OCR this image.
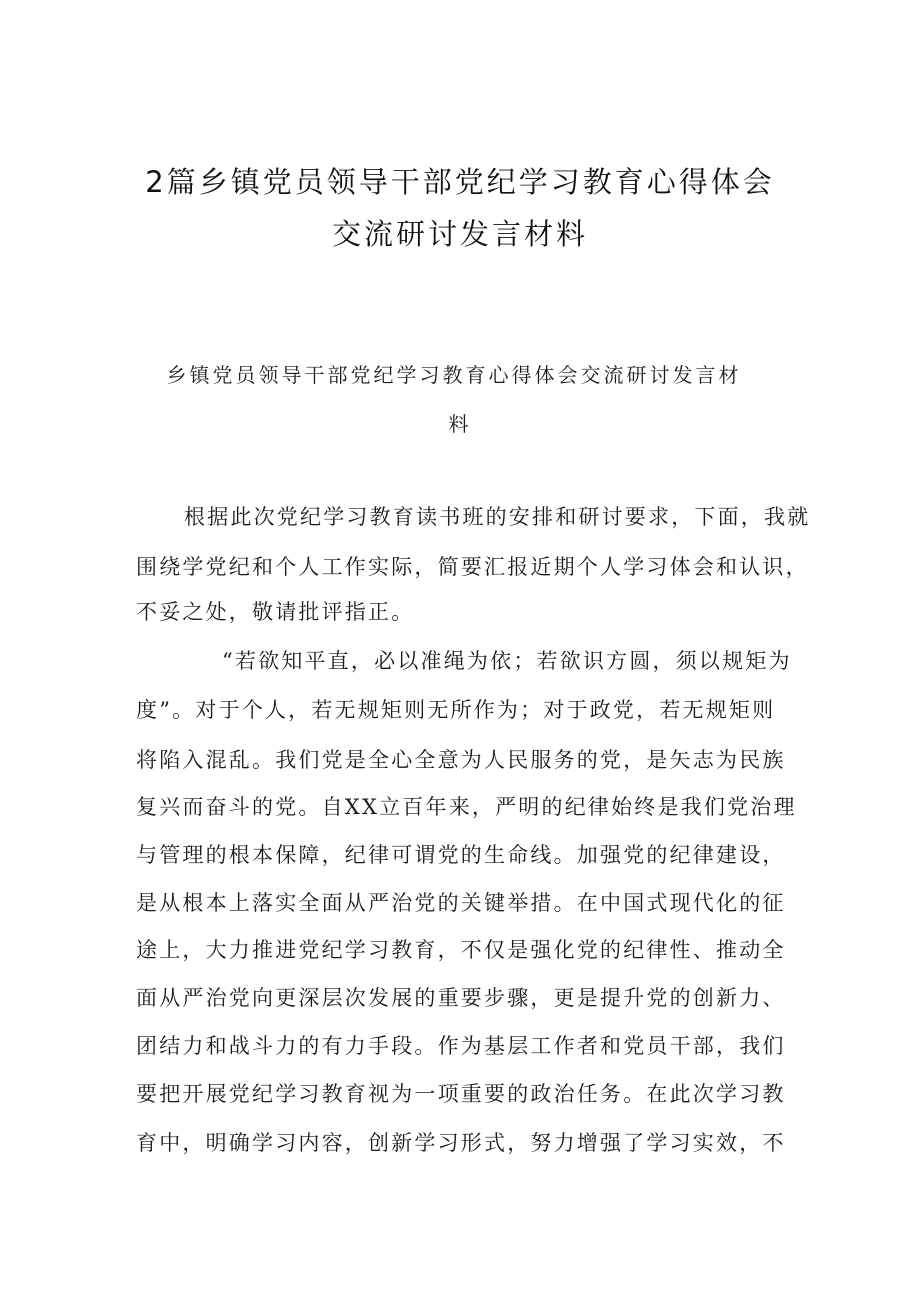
2篇乡镇党员领导干部党纪学习教育心得体会
交流研讨发言材料
乡镇党员领导干部党纪学习教育心得体会交流研讨发言材
料
根据此次党纪学习教育读书班的安排和研讨要求，下面，我就
围绕学党纪和个人工作实际，简要汇报近期个人学习体会和认识，
不妥之处，敬请批评指正。
“若欲知平直，必以准绳为依；若欲识方圆，须以规矩为
度”。对于个人，若无规矩则无所作为；对于政党，若无规矩则
将陷入混乱。我们党是全心全意为人民服务的党，是矢志为民族
复兴而奋斗的党。自XX立百年来，严明的纪律始终是我们党治理
与管理的根本保障，纪律可谓党的生命线。加强党的纪律建设，
是从根本上落实全面从严治党的关键举措。在中国式现代化的征
途上，大力推进党纪学习教育，不仅是强化党的纪律性、推动全
面从严治党向更深层次发展的重要步骤，更是提升党的创新力、
团结力和战斗力的有力手段。作为基层工作者和党员干部，我们
要把开展党纪学习教育视为一项重要的政治任务。在此次学习教
育中，明确学习内容，创新学习形式，努力增强了学习实效，不
